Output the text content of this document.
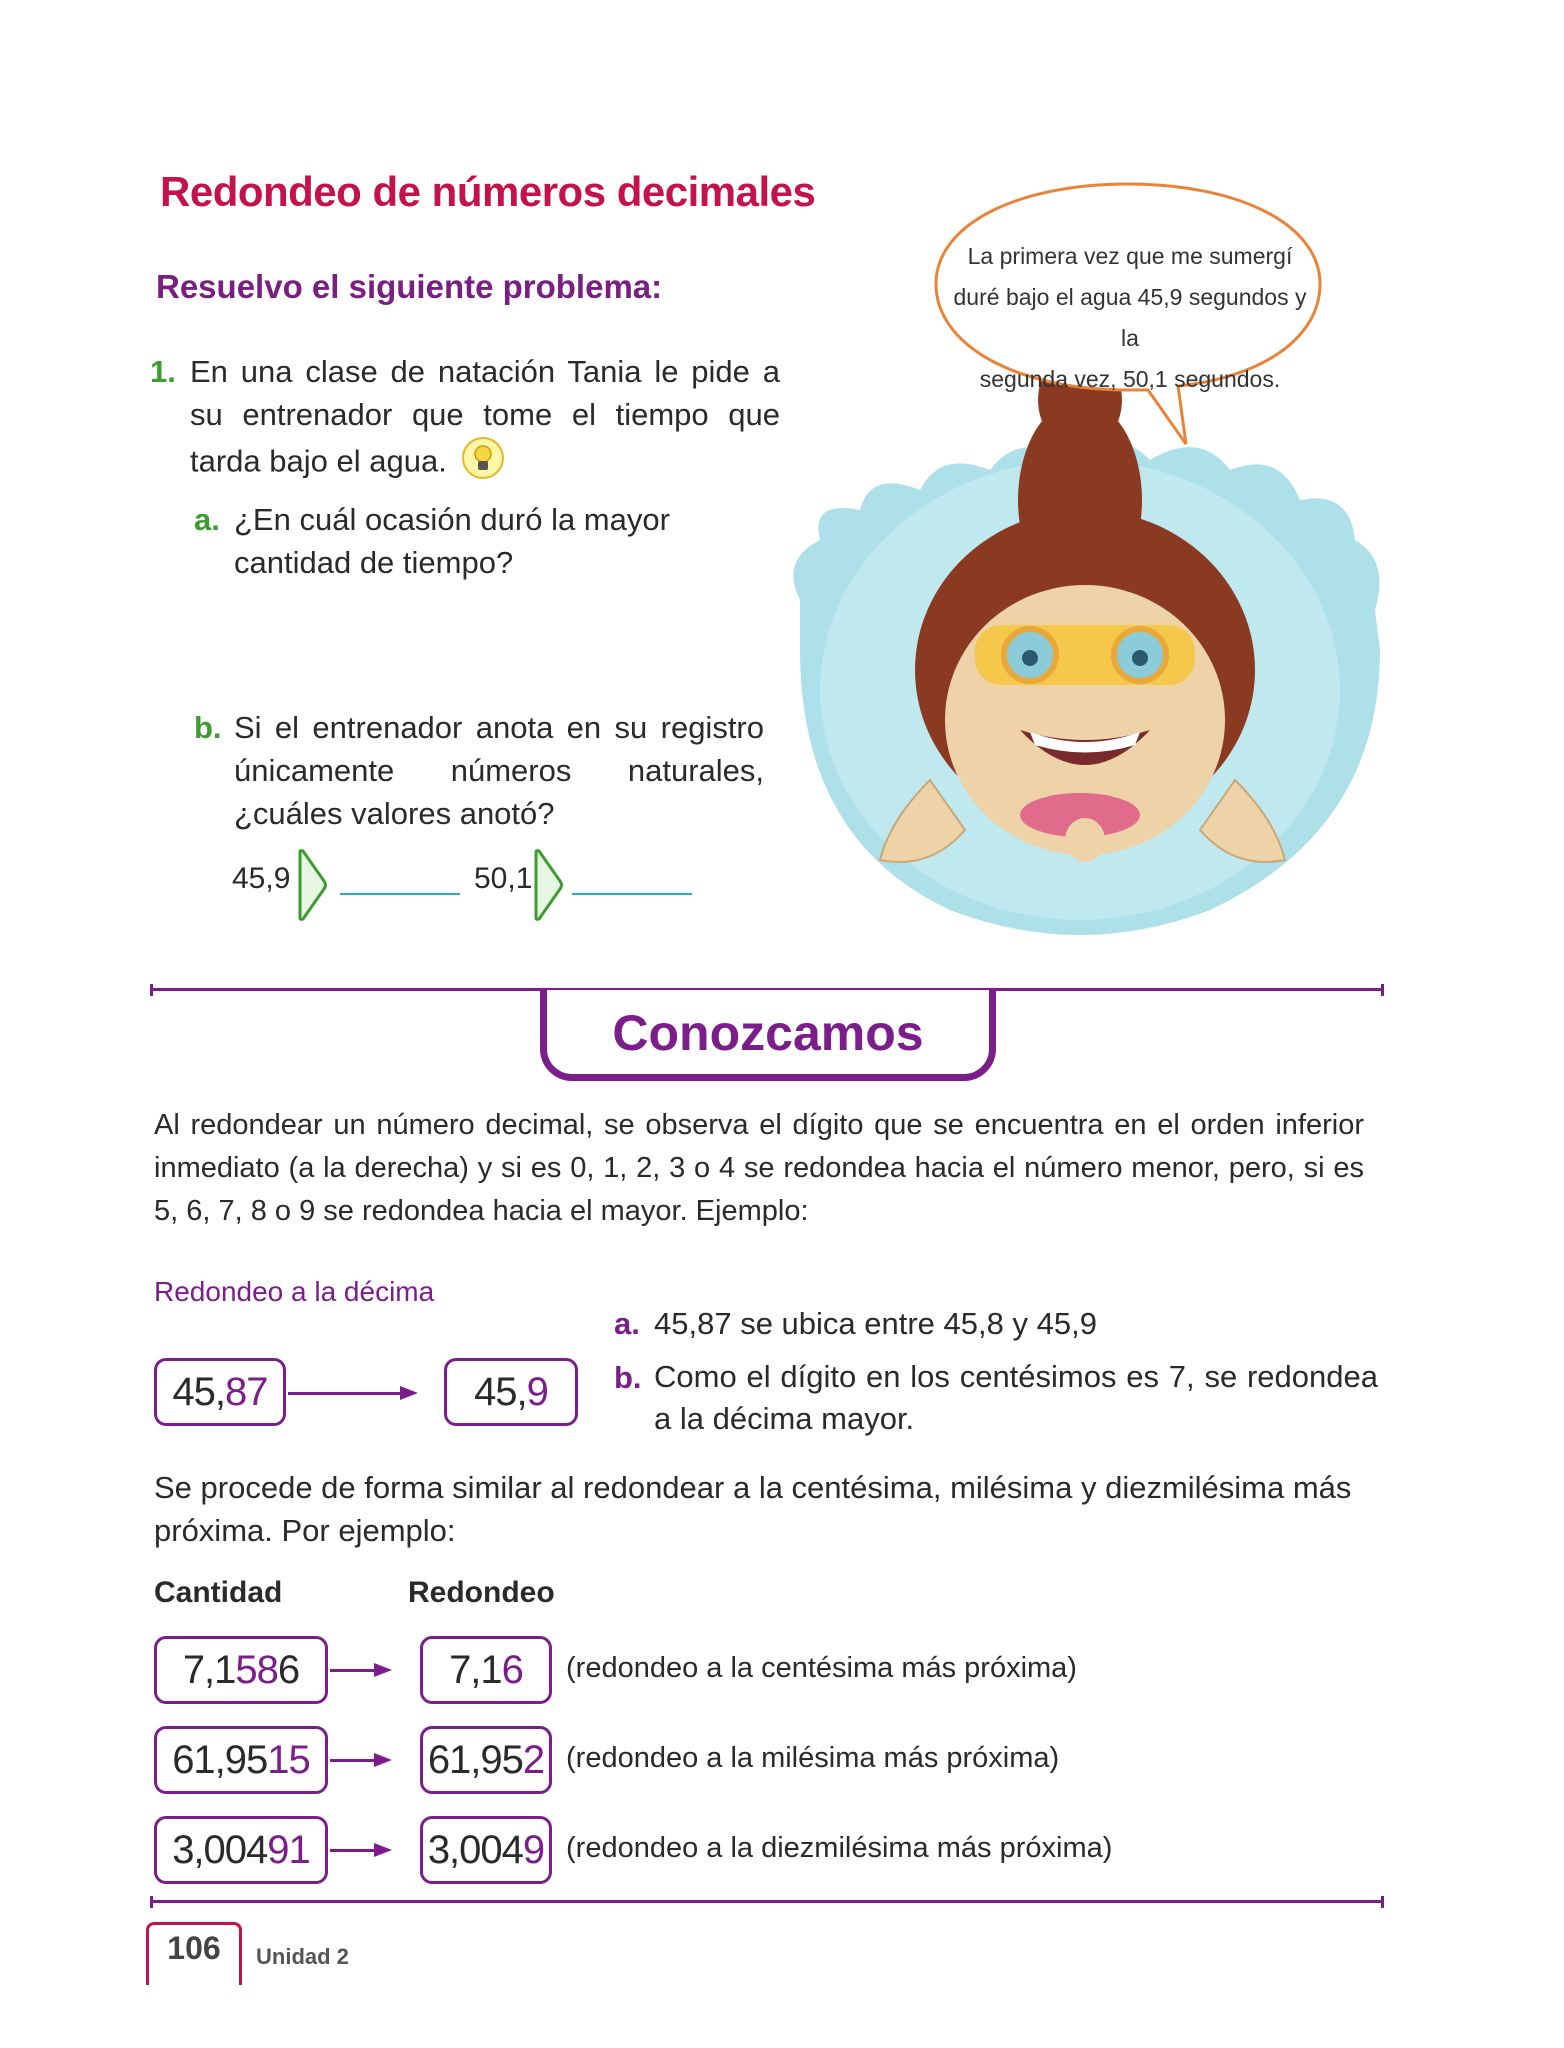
Redondeo de números decimales
Resuelvo el siguiente problema:
1. En una clase de natación Tania le pide a su entrenador que tome el tiempo que tarda bajo el agua.
a. ¿En cuál ocasión duró la mayor cantidad de tiempo?
b. Si el entrenador anota en su registro únicamente números naturales, ¿cuáles valores anotó?
45,9	50,1
La primera vez que me sumergí
duré bajo el agua 45,9 segundos y la
segunda vez, 50,1 segundos.
Conozcamos
Al redondear un número decimal, se observa el dígito que se encuentra en el orden inferior inmediato (a la derecha) y si es 0, 1, 2, 3 o 4 se redondea hacia el número menor, pero, si es 5, 6, 7, 8 o 9 se redondea hacia el mayor. Ejemplo:
Redondeo a la décima
45, 87	45, 9
a. 45,87 se ubica entre 45,8 y 45,9
b. Como el dígito en los centésimos es 7, se redondea a la décima mayor.
Se procede de forma similar al redondear a la centésima, milésima y diezmilésima más próxima. Por ejemplo:
Cantidad	Redondeo
7,1 58 6	7,1 6 (redondeo a la centésima más próxima)
61,95 15	61,95 2 (redondeo a la milésima más próxima)
3,004 91	3,004 9 (redondeo a la diezmilésima más próxima)
106	Unidad 2
